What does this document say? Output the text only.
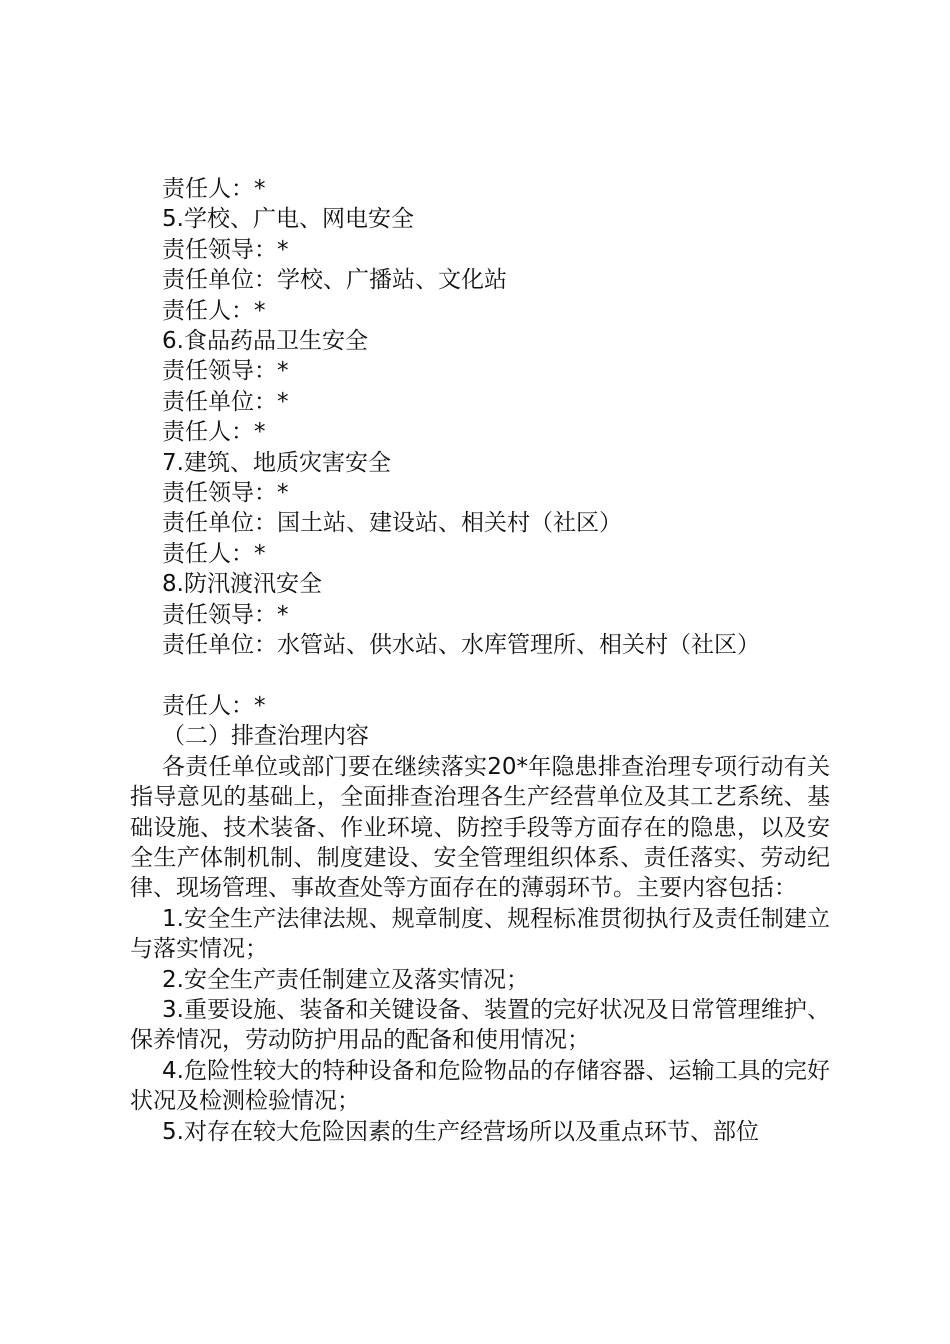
责任人：*
5.学校、广电、网电安全
责任领导：*
责任单位：学校、广播站、文化站
责任人：*
6.食品药品卫生安全
责任领导：*
责任单位：*
责任人：*
7.建筑、地质灾害安全
责任领导：*
责任单位：国土站、建设站、相关村（社区）
责任人：*
8.防汛渡汛安全
责任领导：*
责任单位：水管站、供水站、水库管理所、相关村（社区）
责任人：*
（二）排查治理内容
各责任单位或部门要在继续落实20*年隐患排查治理专项行动有关指导意见的基础上，全面排查治理各生产经营单位及其工艺系统、基础设施、技术装备、作业环境、防控手段等方面存在的隐患，以及安全生产体制机制、制度建设、安全管理组织体系、责任落实、劳动纪律、现场管理、事故查处等方面存在的薄弱环节。主要内容包括：
1.安全生产法律法规、规章制度、规程标准贯彻执行及责任制建立与落实情况；
2.安全生产责任制建立及落实情况；
3.重要设施、装备和关键设备、装置的完好状况及日常管理维护、保养情况，劳动防护用品的配备和使用情况；
4.危险性较大的特种设备和危险物品的存储容器、运输工具的完好状况及检测检验情况；
5.对存在较大危险因素的生产经营场所以及重点环节、部位
